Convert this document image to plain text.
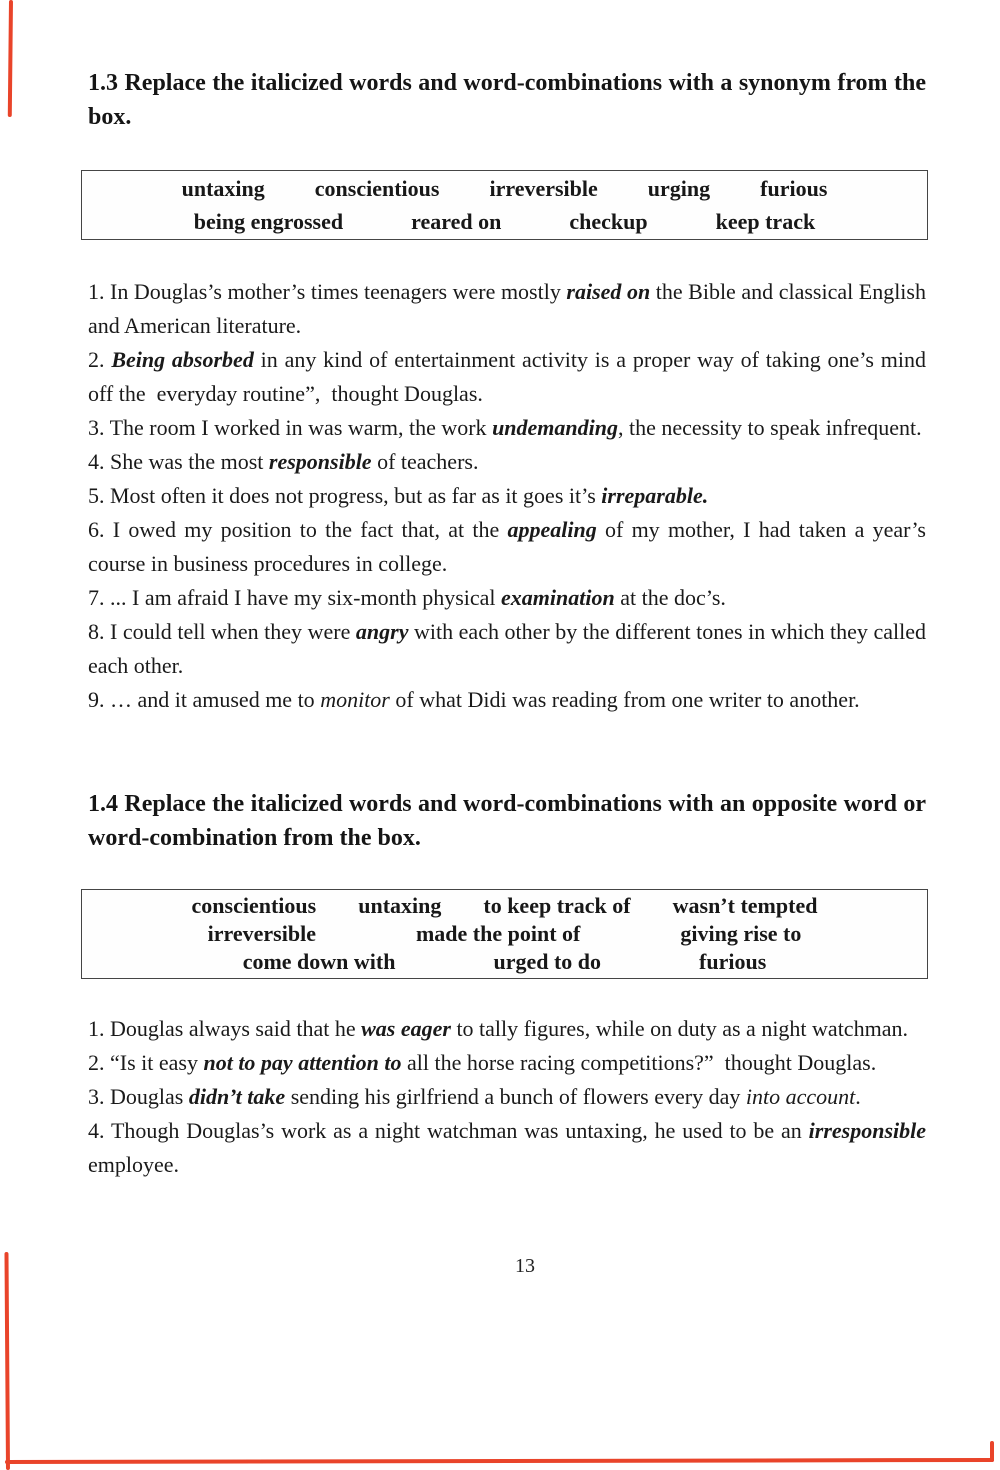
1.3 Replace the italicized words and word-combinations with a synonym from the box.

untaxing conscientious irreversible urging furious
being engrossed	reared on	checkup	keep track

1. In Douglas’s mother’s times teenagers were mostly raised on the Bible and classical English and American literature.

2. Being absorbed in any kind of entertainment activity is a proper way of taking one’s mind off the  everyday routine”,  thought Douglas.

3. The room I worked in was warm, the work undemanding, the necessity to speak infrequent.

4. She was the most responsible of teachers.

5. Most often it does not progress, but as far as it goes it’s irreparable.

6. I owed my position to the fact that, at the appealing of my mother, I had taken a year’s course in business procedures in college.

7. ... I am afraid I have my six-month physical examination at the doc’s.

8. I could tell when they were angry with each other by the different tones in which they called each other.

9. … and it amused me to monitor of what Didi was reading from one writer to another.

1.4 Replace the italicized words and word-combinations with an opposite word or word-combination from the box.

conscientious untaxing to keep track of wasn’t tempted
irreversible	made the point of	giving rise to
come down with	urged to do	furious

1. Douglas always said that he was eager to tally figures, while on duty as a night watchman.

2. “Is it easy not to pay attention to all the horse racing competitions?”  thought Douglas.

3. Douglas didn’t take sending his girlfriend a bunch of flowers every day into account.

4. Though Douglas’s work as a night watchman was untaxing, he used to be an irresponsible employee.

13
